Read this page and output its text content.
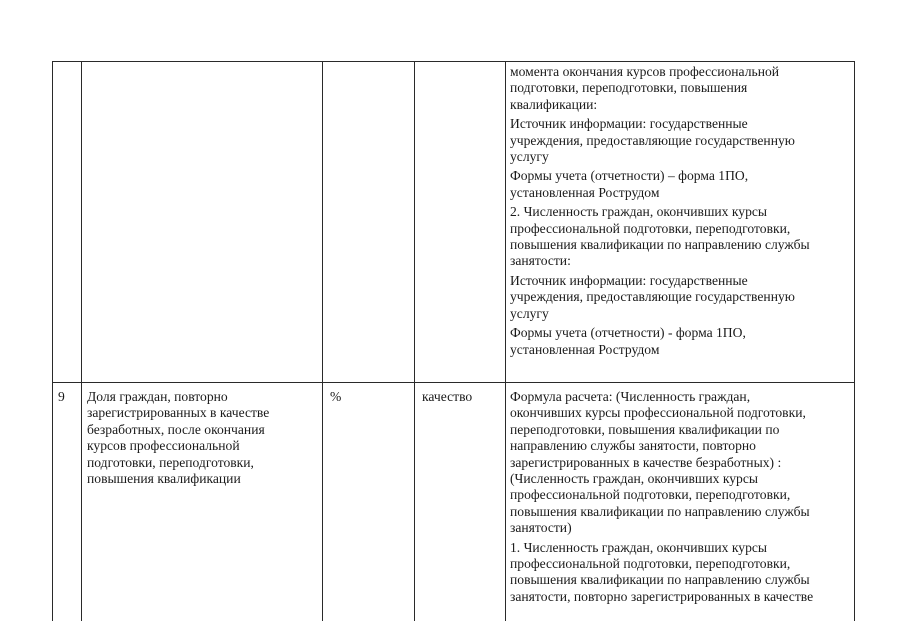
момента окончания курсов профессиональной
подготовки, переподготовки, повышения
квалификации:
Источник информации: государственные
учреждения, предоставляющие государственную
услугу
Формы учета (отчетности) – форма 1ПО,
установленная Рострудом
2. Численность граждан, окончивших курсы
профессиональной подготовки, переподготовки,
повышения квалификации по направлению службы
занятости:
Источник информации: государственные
учреждения, предоставляющие государственную
услугу
Формы учета (отчетности) - форма 1ПО,
установленная Рострудом
9 Доля граждан, повторно
зарегистрированных в качестве
безработных, после окончания
курсов профессиональной
подготовки, переподготовки,
повышения квалификации
%	качество	Формула расчета: (Численность граждан,
окончивших курсы профессиональной подготовки,
переподготовки, повышения квалификации по
направлению службы занятости, повторно
зарегистрированных в качестве безработных) :
(Численность граждан, окончивших курсы
профессиональной подготовки, переподготовки,
повышения квалификации по направлению службы
занятости)
1. Численность граждан, окончивших курсы
профессиональной подготовки, переподготовки,
повышения квалификации по направлению службы
занятости, повторно зарегистрированных в качестве
